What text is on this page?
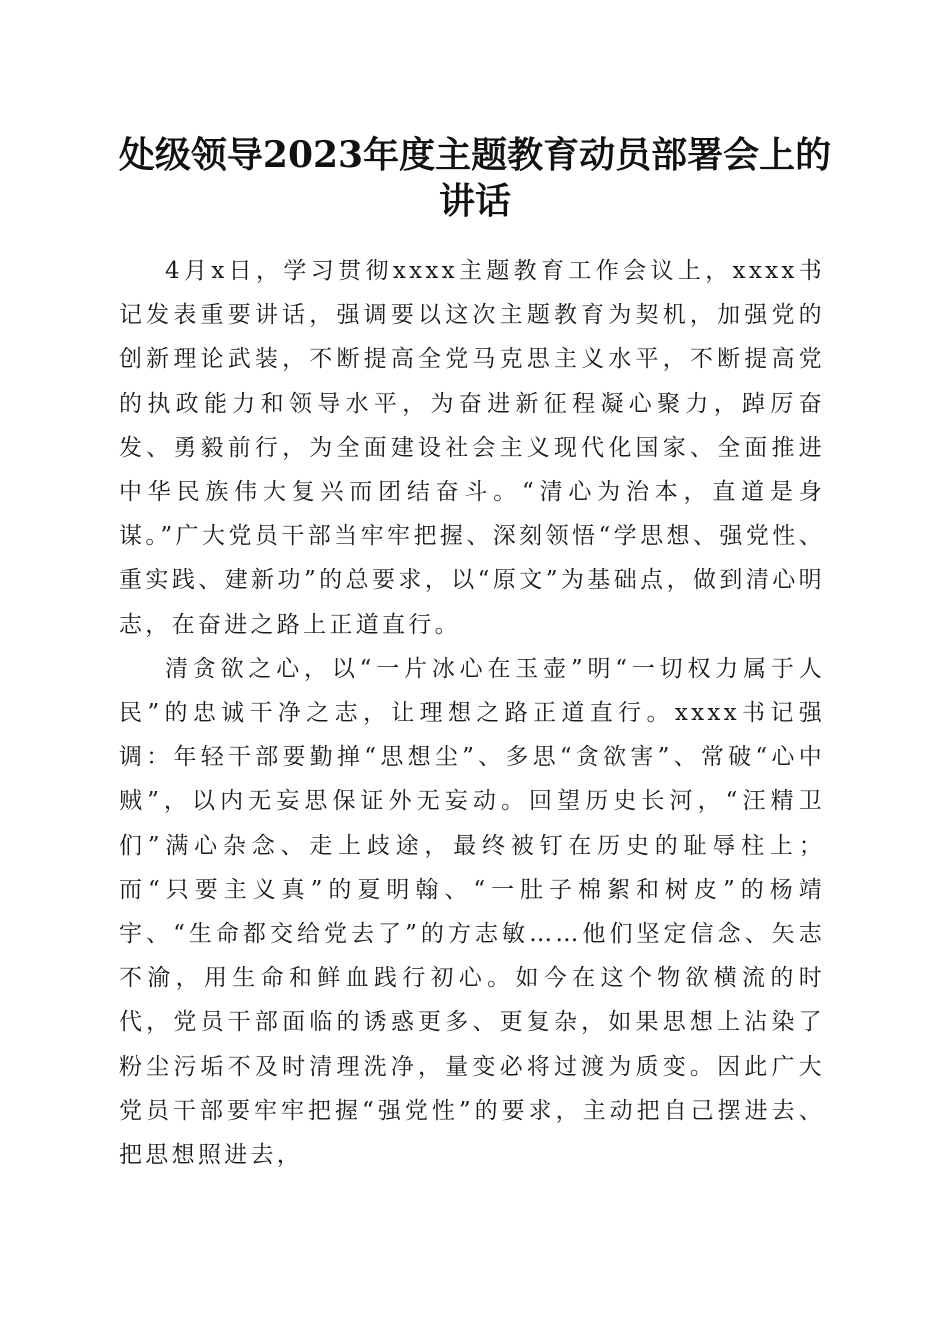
处级领导2023年度主题教育动员部署会上的讲话

4月x日，学习贯彻xxxx主题教育工作会议上，xxxx书记发表重要讲话，强调要以这次主题教育为契机，加强党的创新理论武装，不断提高全党马克思主义水平，不断提高党的执政能力和领导水平，为奋进新征程凝心聚力，踔厉奋发、勇毅前行，为全面建设社会主义现代化国家、全面推进中华民族伟大复兴而团结奋斗。“清心为治本，直道是身谋。”广大党员干部当牢牢把握、深刻领悟“学思想、强党性、重实践、建新功”的总要求，以“原文”为基础点，做到清心明志，在奋进之路上正道直行。

清贪欲之心，以“一片冰心在玉壶”明“一切权力属于人民”的忠诚干净之志，让理想之路正道直行。xxxx书记强调：年轻干部要勤掸“思想尘”、多思“贪欲害”、常破“心中贼”，以内无妄思保证外无妄动。回望历史长河，“汪精卫们”满心杂念、走上歧途，最终被钉在历史的耻辱柱上；而“只要主义真”的夏明翰、“一肚子棉絮和树皮”的杨靖宇、“生命都交给党去了”的方志敏……他们坚定信念、矢志不渝，用生命和鲜血践行初心。如今在这个物欲横流的时代，党员干部面临的诱惑更多、更复杂，如果思想上沾染了粉尘污垢不及时清理洗净，量变必将过渡为质变。因此广大党员干部要牢牢把握“强党性”的要求，主动把自己摆进去、把思想照进去，
